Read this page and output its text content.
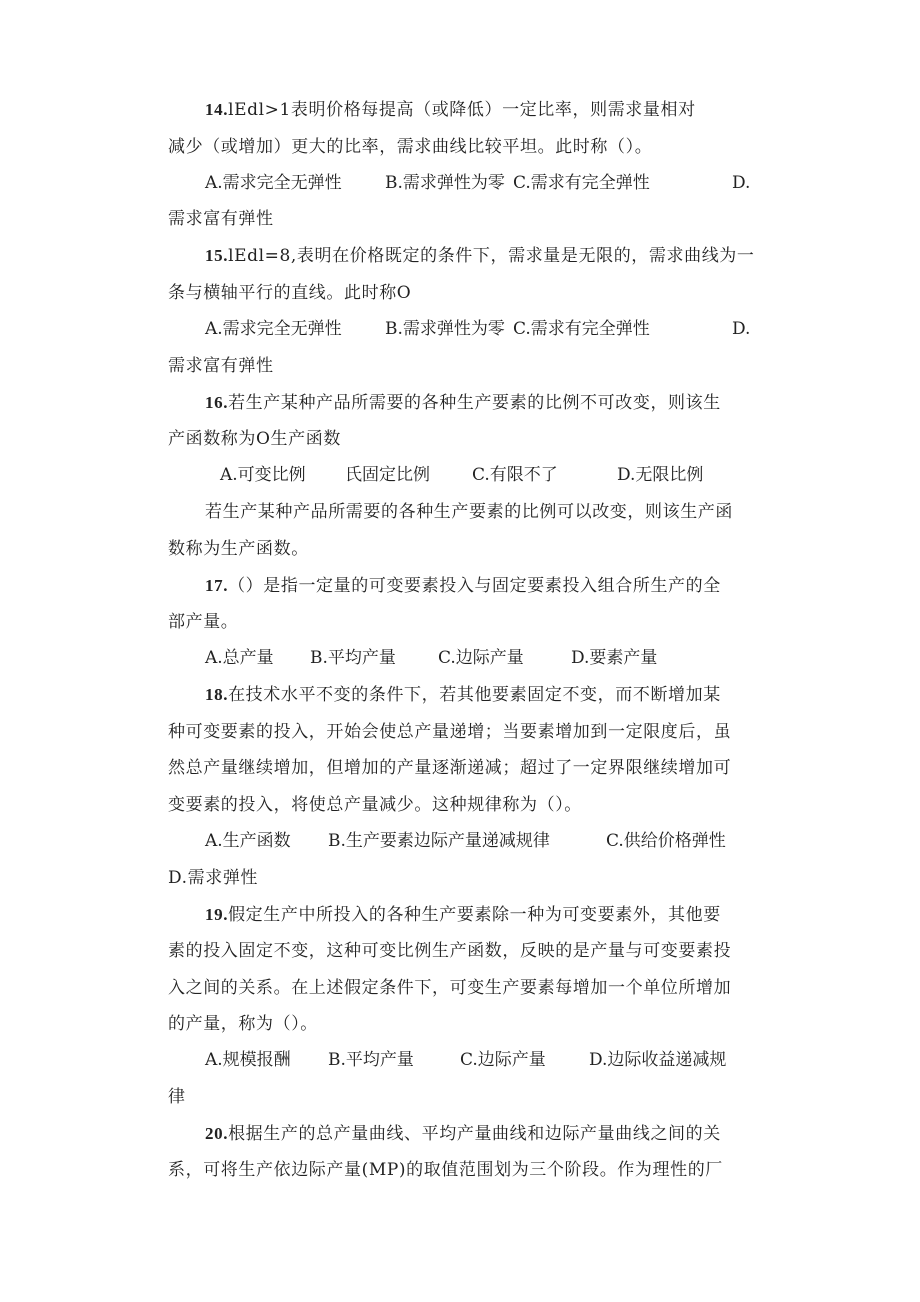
14.lEdl>1表明价格每提高（或降低）一定比率，则需求量相对
减少（或增加）更大的比率，需求曲线比较平坦。此时称（）。
A.需求完全无弹性	B.需求弹性为零 C.需求有完全弹性	D.
需求富有弹性
15.lEdl=8,表明在价格既定的条件下，需求量是无限的，需求曲线为一
条与横轴平行的直线。此时称O
A.需求完全无弹性	B.需求弹性为零 C.需求有完全弹性	D.
需求富有弹性
16.若生产某种产品所需要的各种生产要素的比例不可改变，则该生
产函数称为O生产函数
A.可变比例 氏固定比例 C.有限不了	D.无限比例
若生产某种产品所需要的各种生产要素的比例可以改变，则该生产函
数称为生产函数。
17.（）是指一定量的可变要素投入与固定要素投入组合所生产的全
部产量。
A.总产量 B.平均产量 C.边际产量	D.要素产量
18.在技术水平不变的条件下，若其他要素固定不变，而不断增加某
种可变要素的投入，开始会使总产量递增；当要素增加到一定限度后，虽
然总产量继续增加，但增加的产量逐渐递减；超过了一定界限继续增加可
变要素的投入，将使总产量减少。这种规律称为（）。
A.生产函数 B.生产要素边际产量递减规律	C.供给价格弹性
D.需求弹性
19.假定生产中所投入的各种生产要素除一种为可变要素外，其他要
素的投入固定不变，这种可变比例生产函数，反映的是产量与可变要素投
入之间的关系。在上述假定条件下，可变生产要素每增加一个单位所增加
的产量，称为（）。
A.规模报酬 B.平均产量	C.边际产量	D.边际收益递减规
律
20.根据生产的总产量曲线、平均产量曲线和边际产量曲线之间的关
系，可将生产依边际产量(MP)的取值范围划为三个阶段。作为理性的厂
